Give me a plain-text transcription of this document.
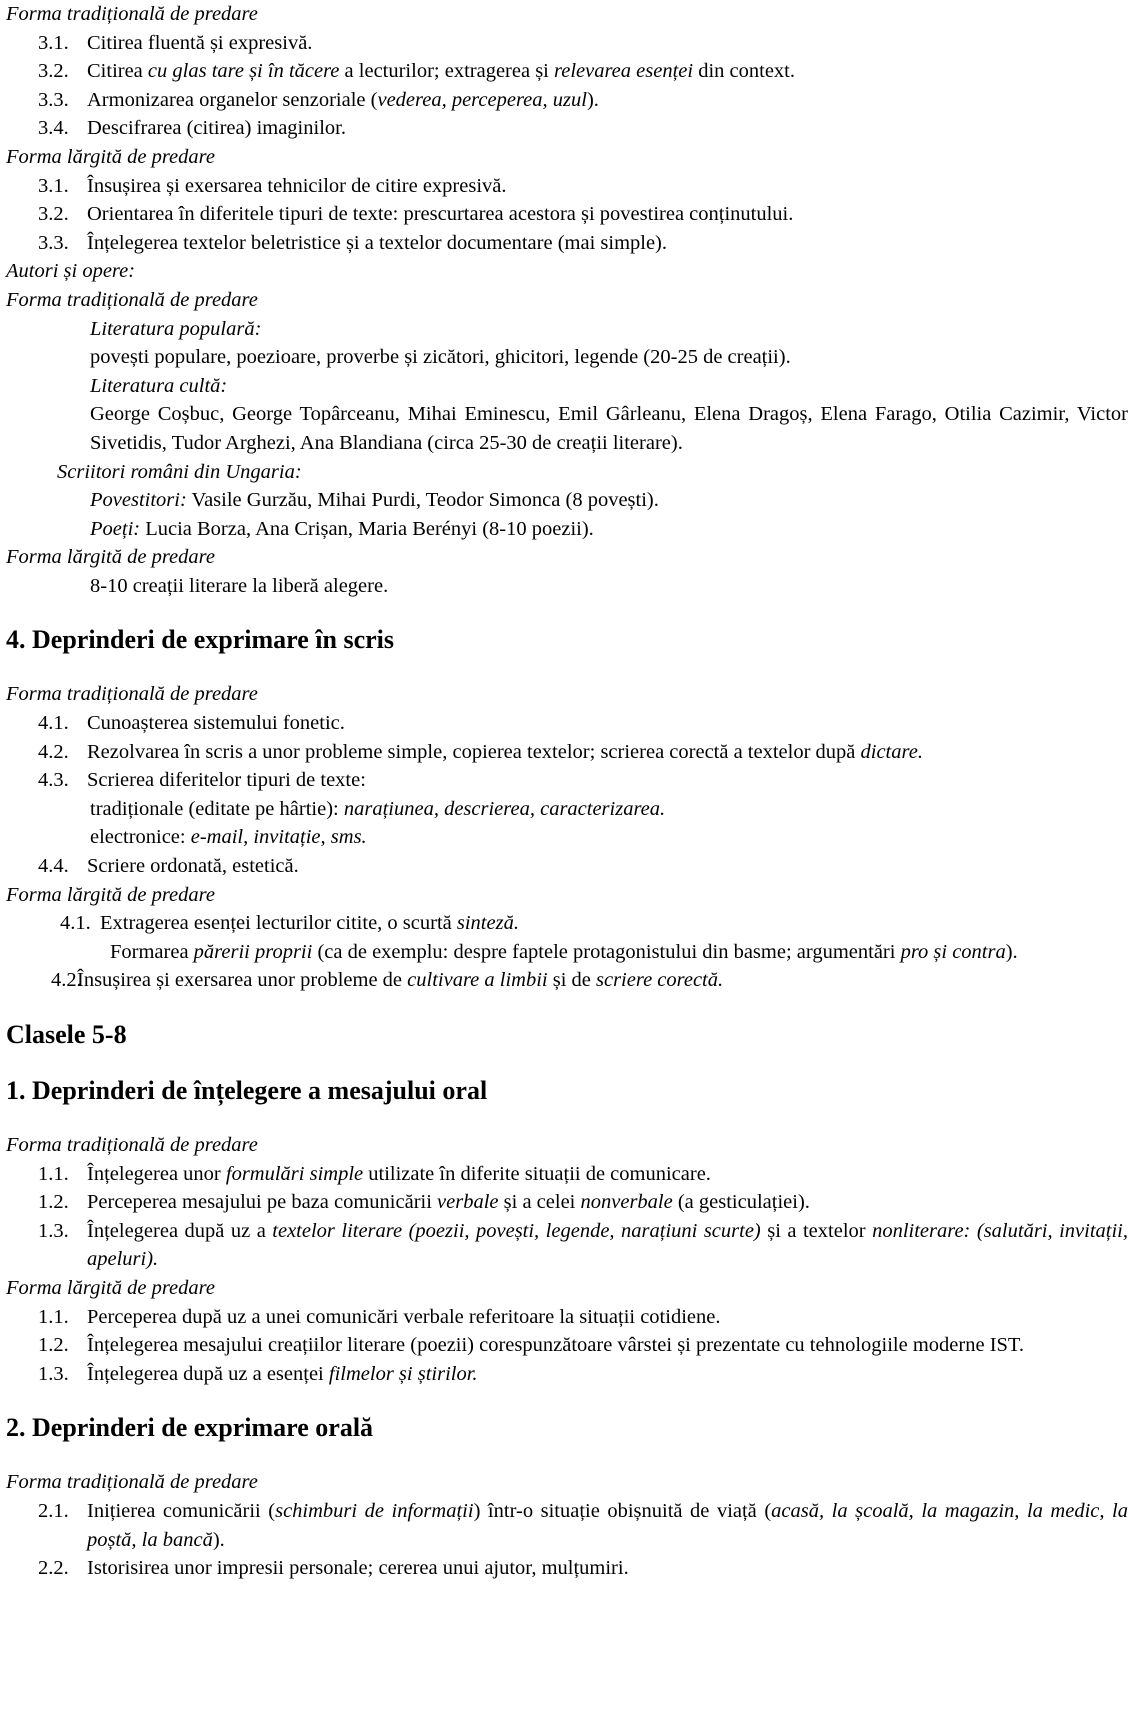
Forma tradițională de predare

3.1. Citirea fluentă și expresivă.
3.2. Citirea cu glas tare și în tăcere a lecturilor; extragerea și relevarea esenței din context.
3.3. Armonizarea organelor senzoriale (vederea, perceperea, uzul).
3.4. Descifrarea (citirea) imaginilor.

Forma lărgită de predare

3.1. Însușirea și exersarea tehnicilor de citire expresivă.
3.2. Orientarea în diferitele tipuri de texte: prescurtarea acestora și povestirea conținutului.
3.3. Înțelegerea textelor beletristice și a textelor documentare (mai simple).

Autori și opere:

Forma tradițională de predare

Literatura populară:

povești populare, poezioare, proverbe și zicători, ghicitori, legende (20-25 de creații).

Literatura cultă:

George Coșbuc, George Topârceanu, Mihai Eminescu, Emil Gârleanu, Elena Dragoș, Elena Farago, Otilia Cazimir, Victor Sivetidis, Tudor Arghezi, Ana Blandiana (circa 25-30 de creații literare).

Scriitori români din Ungaria:

Povestitori: Vasile Gurzău, Mihai Purdi, Teodor Simonca (8 povești).

Poeți: Lucia Borza, Ana Crișan, Maria Berényi (8-10 poezii).

Forma lărgită de predare

8-10 creații literare la liberă alegere.

4. Deprinderi de exprimare în scris

Forma tradițională de predare

4.1. Cunoașterea sistemului fonetic.
4.2. Rezolvarea în scris a unor probleme simple, copierea textelor; scrierea corectă a textelor după dictare.
4.3. Scrierea diferitelor tipuri de texte:

tradiționale (editate pe hârtie): narațiunea, descrierea, caracterizarea.

electronice: e-mail, invitație, sms.

4.4. Scriere ordonată, estetică.

Forma lărgită de predare

4.1. Extragerea esenței lecturilor citite, o scurtă sinteză.

Formarea părerii proprii (ca de exemplu: despre faptele protagonistului din basme; argumentări pro și contra).

4.2.
Însușirea și exersarea unor probleme de cultivare a limbii și de scriere corectă.

Clasele 5-8

1. Deprinderi de înțelegere a mesajului oral

Forma tradițională de predare

1.1. Înțelegerea unor formulări simple utilizate în diferite situații de comunicare.
1.2. Perceperea mesajului pe baza comunicării verbale și a celei nonverbale (a gesticulației).
1.3. Înțelegerea după uz a textelor literare (poezii, povești, legende, narațiuni scurte) și a textelor nonliterare: (salutări, invitații, apeluri).

Forma lărgită de predare

1.1. Perceperea după uz a unei comunicări verbale referitoare la situații cotidiene.
1.2. Înțelegerea mesajului creațiilor literare (poezii) corespunzătoare vârstei și prezentate cu tehnologiile moderne IST.
1.3. Înțelegerea după uz a esenței filmelor și știrilor.

2. Deprinderi de exprimare orală

Forma tradițională de predare

2.1. Inițierea comunicării (schimburi de informații) într-o situație obișnuită de viață (acasă, la școală, la magazin, la medic, la poștă, la bancă).
2.2. Istorisirea unor impresii personale; cererea unui ajutor, mulțumiri.
